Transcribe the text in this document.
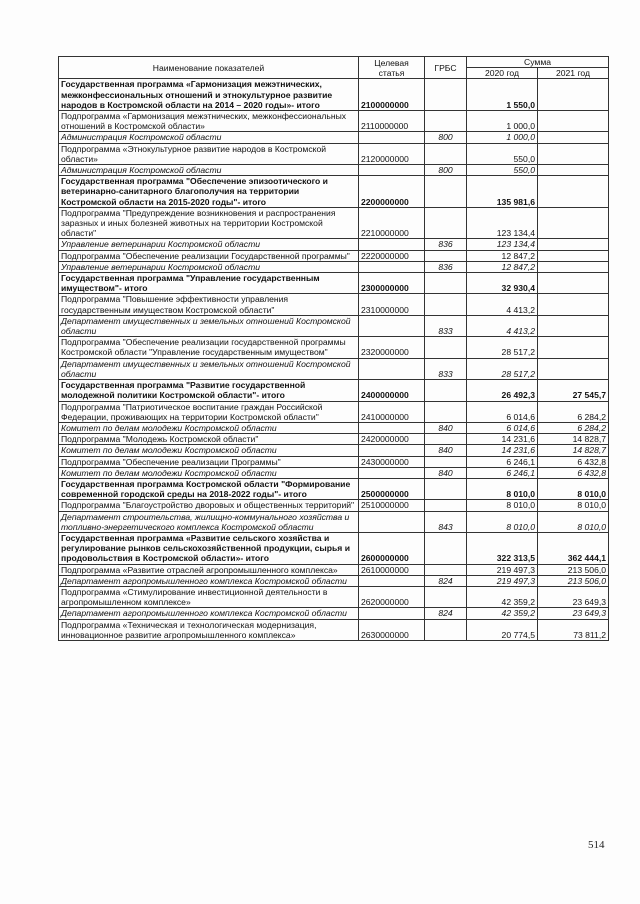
Наименование показателей	Целевая статья	ГРБС	Сумма	
			2020 год	2021 год
Государственная программа «Гармонизация межэтнических, межконфессиональных отношений и этнокультурное развитие народов в Костромской области на 2014 – 2020 годы»- итого	2100000000		1 550,0	
Подпрограмма «Гармонизация межэтнических, межконфессиональных отношений в Костромской области»	2110000000		1 000,0	
Администрация Костромской области		800	1 000,0	
Подпрограмма «Этнокультурное развитие народов в Костромской области»	2120000000		550,0	
Администрация Костромской области		800	550,0	
Государственная программа "Обеспечение эпизоотического и ветеринарно-санитарного благополучия на территории Костромской области на 2015-2020 годы"- итого	2200000000		135 981,6	
Подпрограмма "Предупреждение возникновения и распространения заразных и иных болезней животных на территории Костромской области"	2210000000		123 134,4	
Управление ветеринарии Костромской области		836	123 134,4	
Подпрограмма "Обеспечение реализации Государственной программы"	2220000000		12 847,2	
Управление ветеринарии Костромской области		836	12 847,2	
Государственная программа "Управление государственным имуществом"- итого	2300000000		32 930,4	
Подпрограмма "Повышение эффективности управления государственным имуществом Костромской области"	2310000000		4 413,2	
Департамент имущественных и земельных отношений Костромской области		833	4 413,2	
Подпрограмма "Обеспечение реализации государственной программы Костромской области "Управление государственным имуществом"	2320000000		28 517,2	
Департамент имущественных и земельных отношений Костромской области		833	28 517,2	
Государственная программа "Развитие государственной молодежной политики Костромской области"- итого	2400000000		26 492,3	27 545,7
Подпрограмма "Патриотическое воспитание граждан Российской Федерации, проживающих на территории Костромской области"	2410000000		6 014,6	6 284,2
Комитет по делам молодежи Костромской области		840	6 014,6	6 284,2
Подпрограмма "Молодежь Костромской области"	2420000000		14 231,6	14 828,7
Комитет по делам молодежи Костромской области		840	14 231,6	14 828,7
Подпрограмма "Обеспечение реализации Программы"	2430000000		6 246,1	6 432,8
Комитет по делам молодежи Костромской области		840	6 246,1	6 432,8
Государственная программа Костромской области "Формирование современной городской среды на 2018-2022 годы"- итого	2500000000		8 010,0	8 010,0
Подпрограмма "Благоустройство дворовых и общественных территорий"	2510000000		8 010,0	8 010,0
Департамент строительства, жилищно-коммунального хозяйства и топливно-энергетического комплекса Костромской области		843	8 010,0	8 010,0
Государственная программа «Развитие сельского хозяйства и регулирование рынков сельскохозяйственной продукции, сырья и продовольствия в Костромской области»- итого	2600000000		322 313,5	362 444,1
Подпрограмма «Развитие отраслей агропромышленного комплекса»	2610000000		219 497,3	213 506,0
Департамент агропромышленного комплекса Костромской области		824	219 497,3	213 506,0
Подпрограмма «Стимулирование инвестиционной деятельности в агропромышленном комплексе»	2620000000		42 359,2	23 649,3
Департамент агропромышленного комплекса Костромской области		824	42 359,2	23 649,3
Подпрограмма «Техническая и технологическая модернизация, инновационное развитие агропромышленного комплекса»	2630000000		20 774,5	73 811,2
514
